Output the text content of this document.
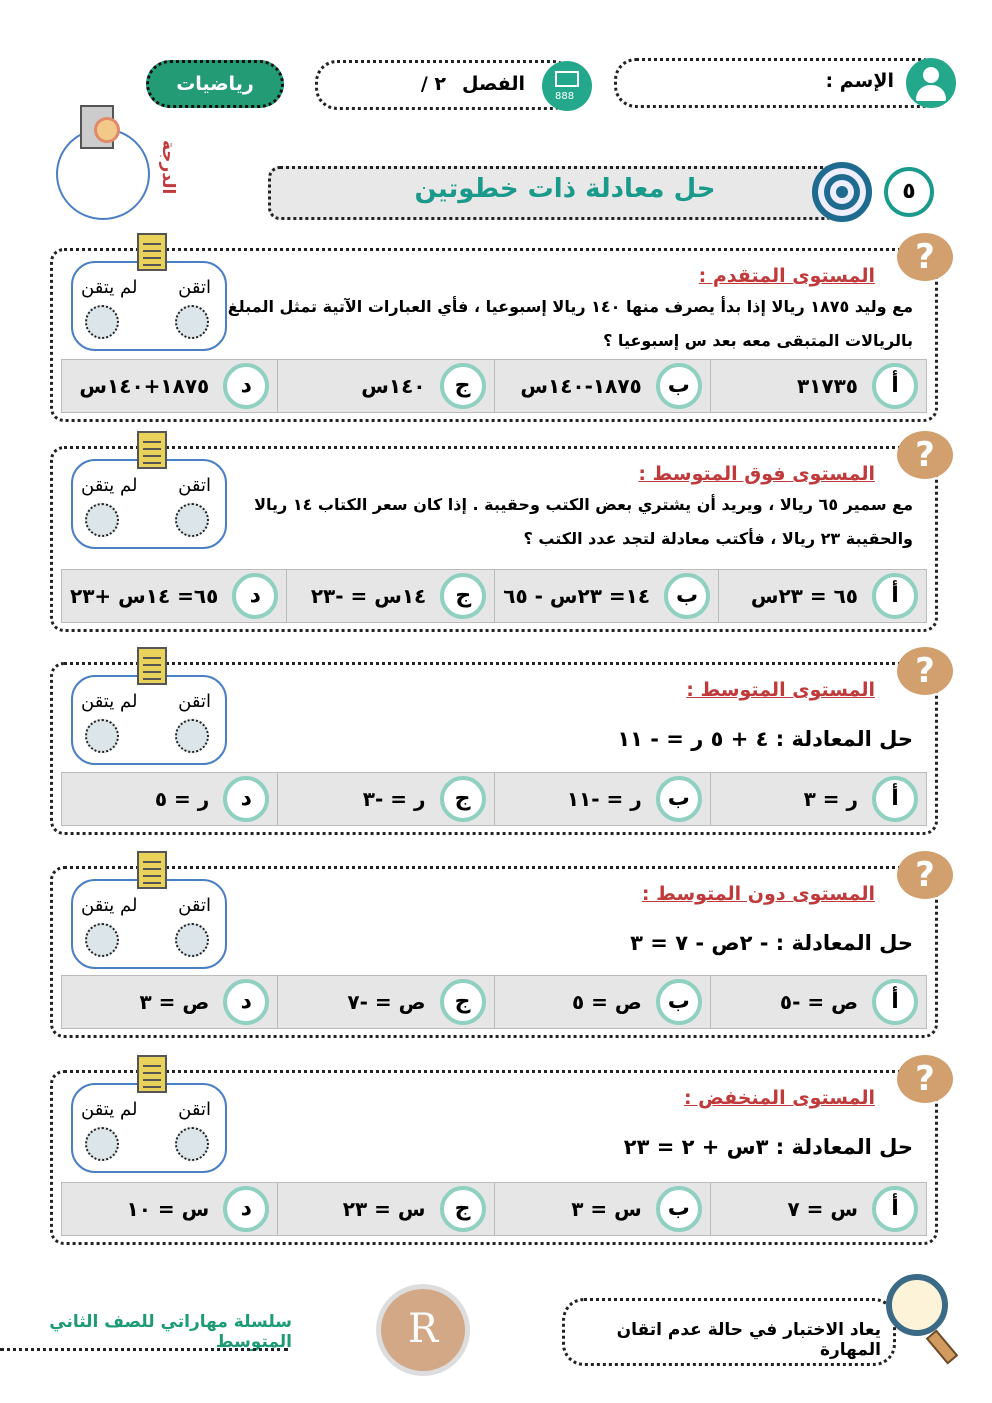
الإسم :
الفصل
٢ /
888
رياضيات
الدرجة	حل معادلة ذات خطوتين	٥
?
المستوى المتقدم :
مع وليد ١٨٧٥ ريالا إذا بدأ يصرف منها ١٤٠ ريالا إسبوعيا ، فأي العبارات الآتية تمثل المبلغ
بالريالات المتبقى معه بعد س إسبوعيا ؟
اتقن
لم يتقن
أ
٣١٧٣٥
ب
١٨٧٥-١٤٠س
ج
١٤٠س
د
١٨٧٥+١٤٠س
?
المستوى فوق المتوسط :
مع سمير ٦٥ ريالا ، ويريد أن يشتري بعض الكتب وحقيبة . إذا كان سعر الكتاب ١٤ ريالا
والحقيبة ٢٣ ريالا ، فأكتب معادلة لتجد عدد الكتب ؟
اتقن
لم يتقن
أ
٦٥ = ٢٣س
ب
١٤= ٢٣س - ٦٥
ج
١٤س = -٢٣
د
٦٥= ١٤س +٢٣
?
المستوى المتوسط :
حل المعادلة : ٤ + ٥ ر = - ١١
اتقن
لم يتقن
أ
ر = ٣
ب
ر = -١١
ج
ر = -٣
د
ر = ٥
?
المستوى دون المتوسط :
حل المعادلة : - ٢ص - ٧ = ٣
اتقن
لم يتقن
أ
ص = -٥
ب
ص = ٥
ج
ص = -٧
د
ص = ٣
?
المستوى المنخفض :
حل المعادلة : ٣س + ٢ = ٢٣
اتقن
لم يتقن
أ
س = ٧
ب
س = ٣
ج
س = ٢٣
د
س = ١٠
يعاد الاختبار في حالة عدم اتقان المهارة
R
سلسلة مهاراتي للصف الثاني المتوسط
